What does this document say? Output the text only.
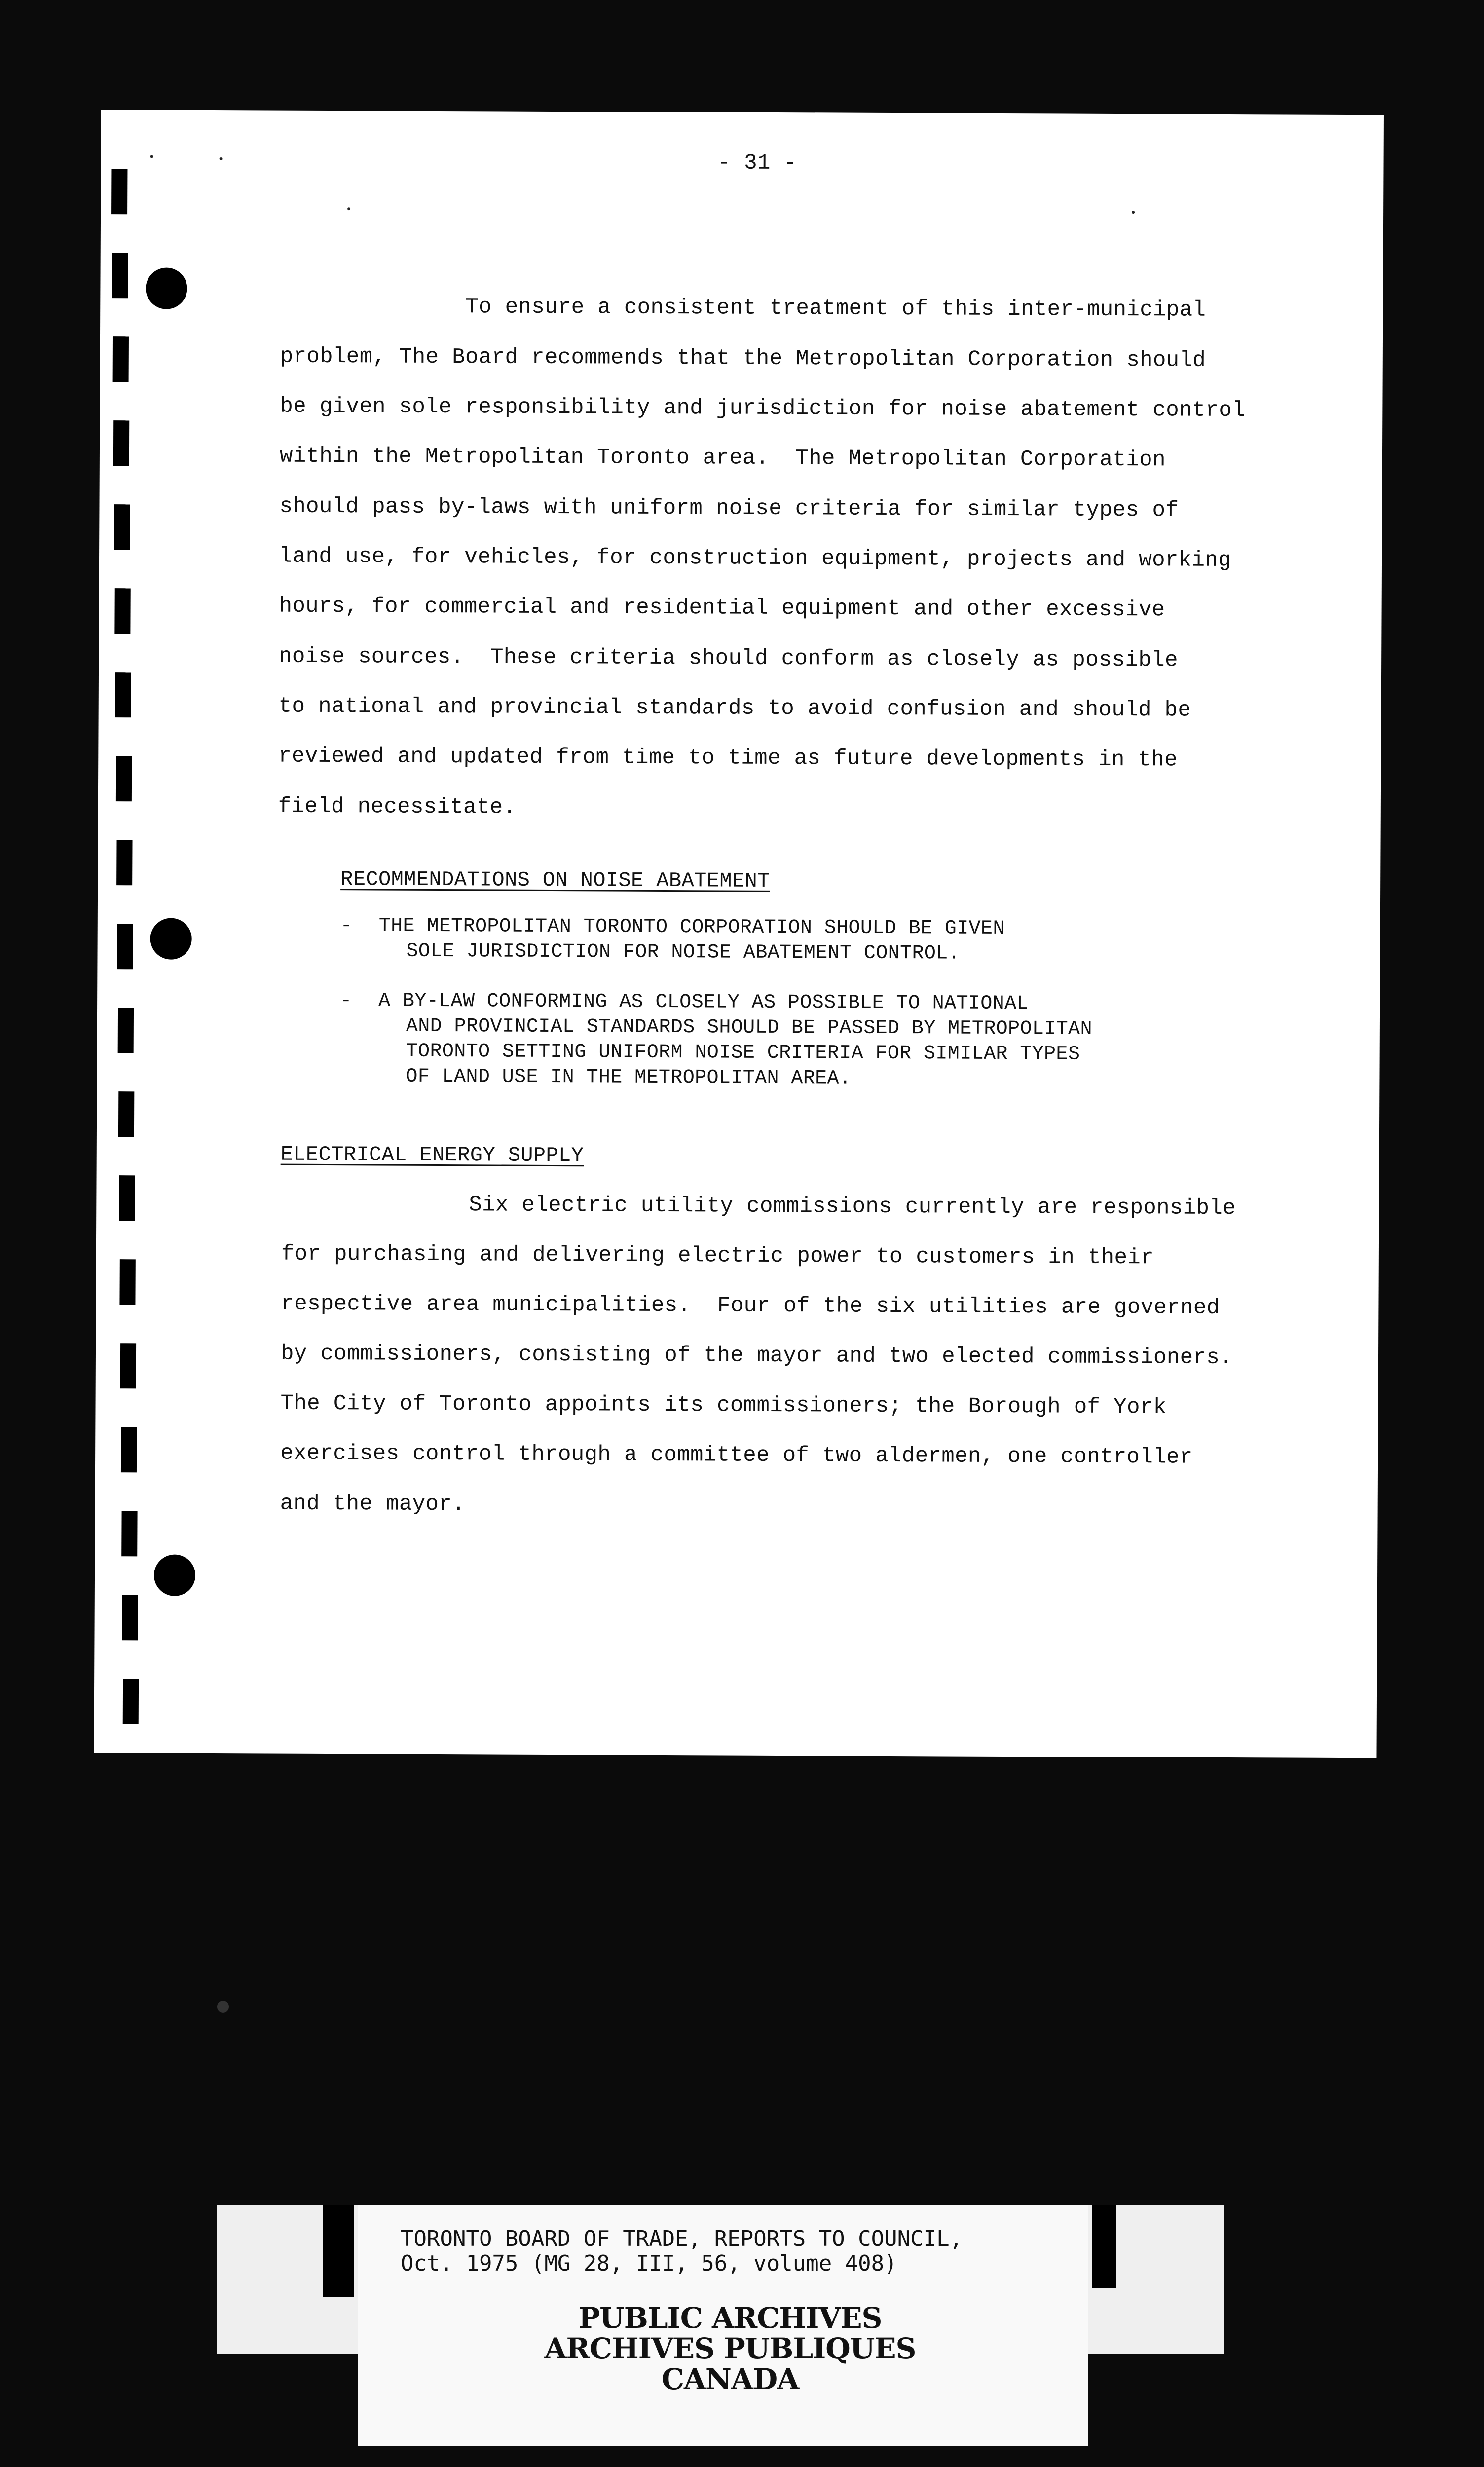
- 31 -
To ensure a consistent treatment of this inter-municipal
problem, The Board recommends that the Metropolitan Corporation should
be given sole responsibility and jurisdiction for noise abatement control
within the Metropolitan Toronto area.  The Metropolitan Corporation
should pass by-laws with uniform noise criteria for similar types of
land use, for vehicles, for construction equipment, projects and working
hours, for commercial and residential equipment and other excessive
noise sources.  These criteria should conform as closely as possible
to national and provincial standards to avoid confusion and should be
reviewed and updated from time to time as future developments in the
field necessitate.
RECOMMENDATIONS ON NOISE ABATEMENT
- THE METROPOLITAN TORONTO CORPORATION SHOULD BE GIVEN
SOLE JURISDICTION FOR NOISE ABATEMENT CONTROL.
- A BY-LAW CONFORMING AS CLOSELY AS POSSIBLE TO NATIONAL
AND PROVINCIAL STANDARDS SHOULD BE PASSED BY METROPOLITAN
TORONTO SETTING UNIFORM NOISE CRITERIA FOR SIMILAR TYPES
OF LAND USE IN THE METROPOLITAN AREA.
ELECTRICAL ENERGY SUPPLY
Six electric utility commissions currently are responsible
for purchasing and delivering electric power to customers in their
respective area municipalities.  Four of the six utilities are governed
by commissioners, consisting of the mayor and two elected commissioners.
The City of Toronto appoints its commissioners; the Borough of York
exercises control through a committee of two aldermen, one controller
and the mayor.
TORONTO BOARD OF TRADE, REPORTS TO COUNCIL,
Oct. 1975 (MG 28, III, 56, volume 408)
PUBLIC ARCHIVES
ARCHIVES PUBLIQUES
CANADA
